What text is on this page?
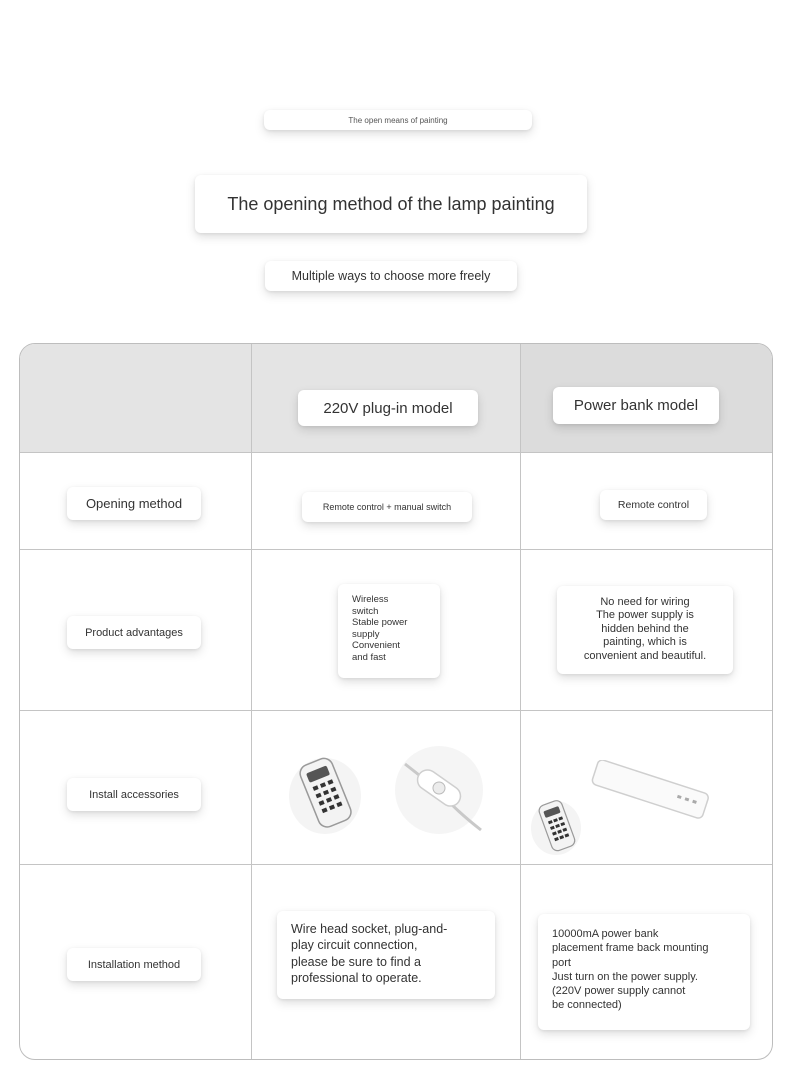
The open means of painting
The opening method of the lamp painting
Multiple ways to choose more freely
220V plug-in model	Power bank model
Opening method
Product advantages
Install accessories
Installation method
Remote control + manual switch	Remote control
Wireless
switch
Stable power
supply
Convenient
and fast
No need for wiring
The power supply is
hidden behind the
painting, which is
convenient and beautiful.
Wire head socket, plug-and-
play circuit connection,
please be sure to find a
professional to operate.
10000mA power bank
placement frame back mounting
port
Just turn on the power supply.
(220V power supply cannot
be connected)
